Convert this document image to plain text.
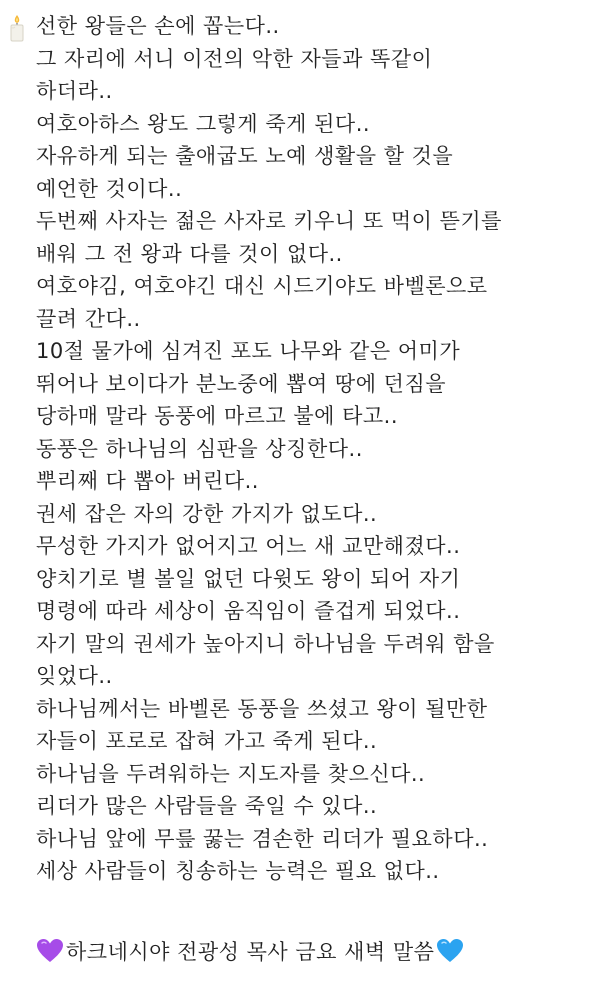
선한 왕들은 손에 꼽는다..
그 자리에 서니 이전의 악한 자들과 똑같이
하더라..
여호아하스 왕도 그렇게 죽게 된다..
자유하게 되는 출애굽도 노예 생활을 할 것을
예언한 것이다..
두번째 사자는 젊은 사자로 키우니 또 먹이 뜯기를
배워 그 전 왕과 다를 것이 없다..
여호야김, 여호야긴 대신 시드기야도 바벨론으로
끌려 간다..
10절 물가에 심겨진 포도 나무와 같은 어미가
뛰어나 보이다가 분노중에 뽑여 땅에 던짐을
당하매 말라 동풍에 마르고 불에 타고..
동풍은 하나님의 심판을 상징한다..
뿌리째 다 뽑아 버린다..
권세 잡은 자의 강한 가지가 없도다..
무성한 가지가 없어지고 어느 새 교만해졌다..
양치기로 별 볼일 없던 다윗도 왕이 되어 자기
명령에 따라 세상이 움직임이 즐겁게 되었다..
자기 말의 권세가 높아지니 하나님을 두려워 함을
잊었다..
하나님께서는 바벨론 동풍을 쓰셨고 왕이 될만한
자들이 포로로 잡혀 가고 죽게 된다..
하나님을 두려워하는 지도자를 찾으신다..
리더가 많은 사람들을 죽일 수 있다..
하나님 앞에 무릎 꿇는 겸손한 리더가 필요하다..
세상 사람들이 칭송하는 능력은 필요 없다..
하크네시야 전광성 목사 금요 새벽 말씀
